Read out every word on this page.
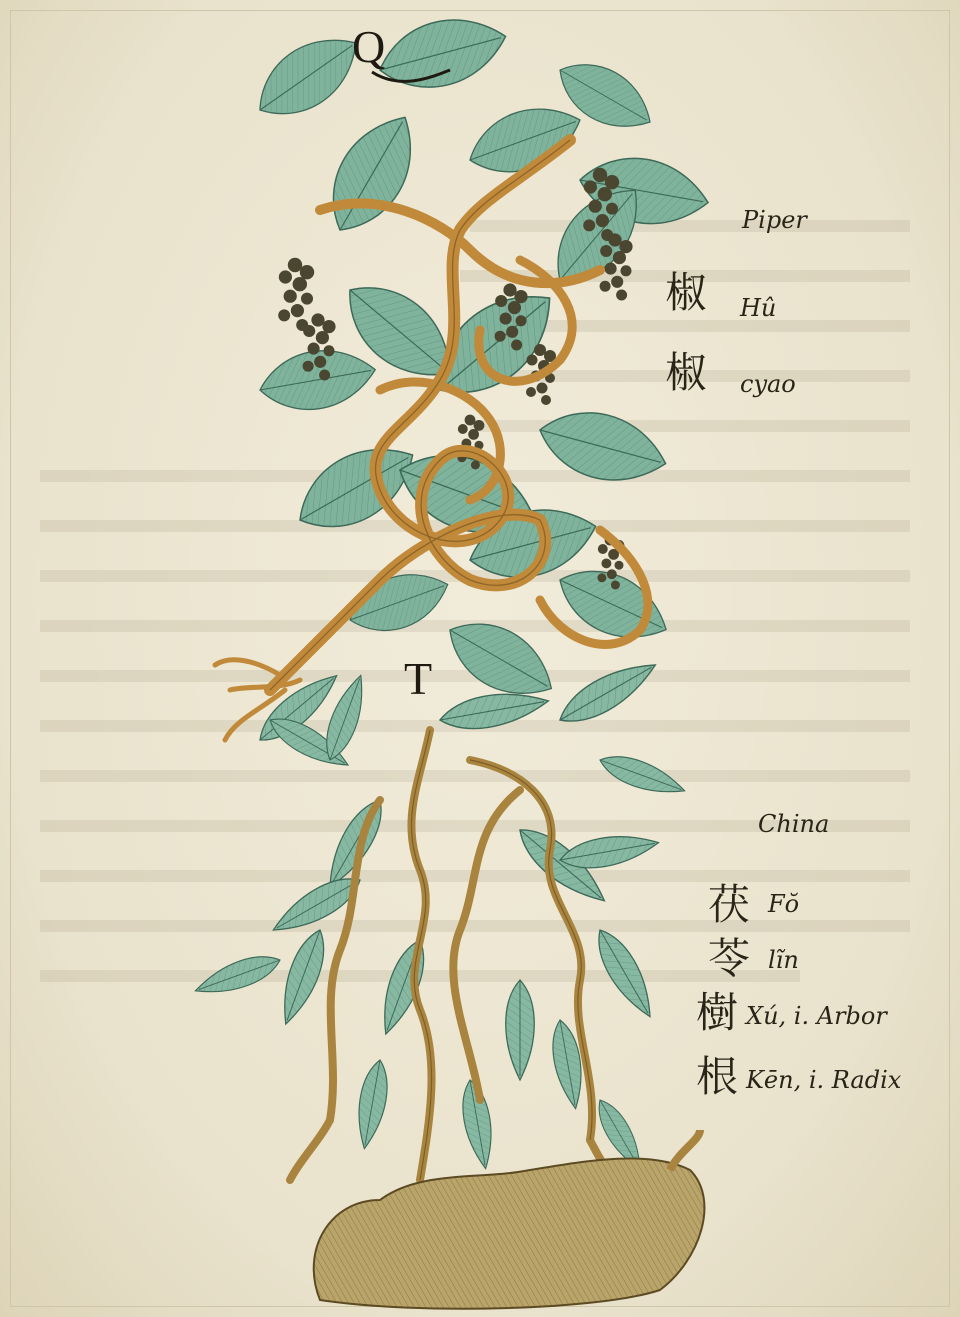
Q
T
Piper
椒 Hû
椒 cyao
China
茯 Fŏ
苓 lĩn
樹 Xú, i. Arbor
根 Kēn, i. Radix
